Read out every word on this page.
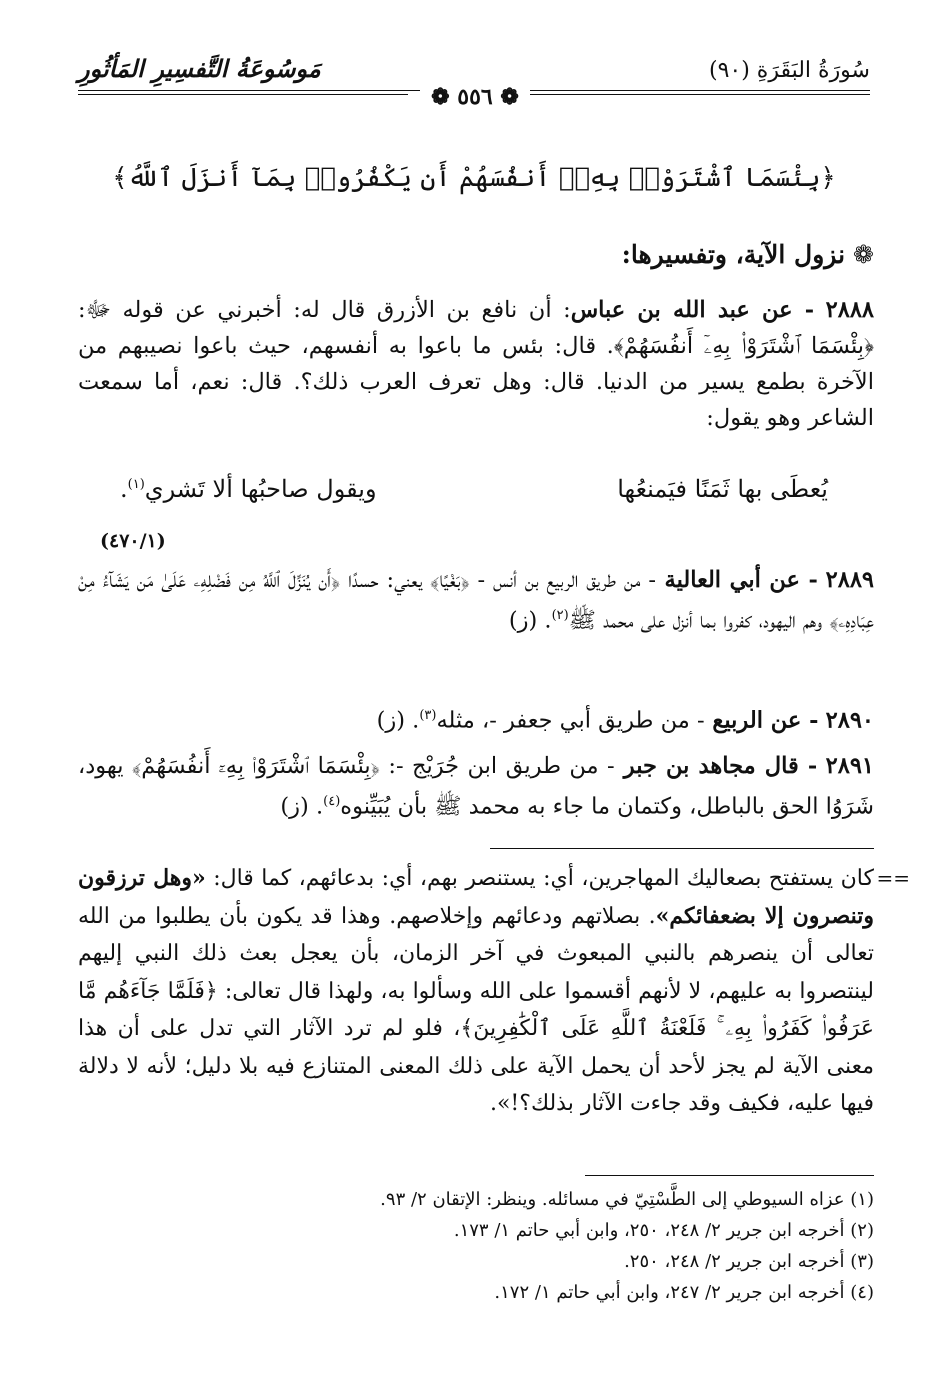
سُورَةُ البَقَرَةِ (٩٠)
مَوسُوعَةُ التَّفسِيرِ المَأثُورِ
❁ ٥٥٦ ❁
﴿بِئْسَمَا ٱشْتَرَوْا۟ بِهِۦٓ أَنفُسَهُمْ أَن يَكْفُرُوا۟ بِمَآ أَنزَلَ ٱللَّهُ﴾
❁نزول الآية، وتفسيرها:
٢٨٨٨ - عن عبد الله بن عباس: أن نافع بن الأزرق قال له: أخبرني عن قوله ﷻ: ﴿بِئْسَمَا ٱشْتَرَوْا۟ بِهِۦٓ أَنفُسَهُمْ﴾. قال: بئس ما باعوا به أنفسهم، حيث باعوا نصيبهم من الآخرة بطمع يسير من الدنيا. قال: وهل تعرف العرب ذلك؟. قال: نعم، أما سمعت الشاعر وهو يقول:
يُعطَى بها ثَمَنًا فيَمنعُها
ويقول صاحبُها ألا تَشري$^{(١)}$.
(٤٧٠/١)
٢٨٨٩ - عن أبي العالية - من طريق الربيع بن أنس - ﴿بَغْيًا﴾ يعني: حسدًا ﴿أَن يُنَزِّلَ ٱللَّهُ مِن فَضْلِهِۦ عَلَىٰ مَن يَشَآءُ مِنْ عِبَادِهِۦ﴾ وهم اليهود، كفروا بما أنزل على محمد ﷺ$^{(٢)}$. (ز)
٢٨٩٠ - عن الربيع - من طريق أبي جعفر -، مثله$^{(٣)}$. (ز)
٢٨٩١ - قال مجاهد بن جبر - من طريق ابن جُرَيْج -: ﴿بِئْسَمَا ٱشْتَرَوْا۟ بِهِۦٓ أَنفُسَهُمْ﴾ يهود، شَرَوُا الحق بالباطل، وكتمان ما جاء به محمد ﷺ بأن يُبَيِّنوه$^{(٤)}$. (ز)
==
كان يستفتح بصعاليك المهاجرين، أي: يستنصر بهم، أي: بدعائهم، كما قال: «وهل ترزقون وتنصرون إلا بضعفائكم». بصلاتهم ودعائهم وإخلاصهم. وهذا قد يكون بأن يطلبوا من الله تعالى أن ينصرهم بالنبي المبعوث في آخر الزمان، بأن يعجل بعث ذلك النبي إليهم لينتصروا به عليهم، لا لأنهم أقسموا على الله وسألوا به، ولهذا قال تعالى: ﴿فَلَمَّا جَآءَهُم مَّا عَرَفُوا۟ كَفَرُوا۟ بِهِۦ ۚ فَلَعْنَةُ ٱللَّهِ عَلَى ٱلْكَٰفِرِينَ﴾، فلو لم ترد الآثار التي تدل على أن هذا معنى الآية لم يجز لأحد أن يحمل الآية على ذلك المعنى المتنازع فيه بلا دليل؛ لأنه لا دلالة فيها عليه، فكيف وقد جاءت الآثار بذلك؟!».
(١) عزاه السيوطي إلى الطَّسْتِيّ في مسائله. وينظر: الإتقان ٢/ ٩٣.
(٢) أخرجه ابن جرير ٢/ ٢٤٨، ٢٥٠، وابن أبي حاتم ١/ ١٧٣.
(٣) أخرجه ابن جرير ٢/ ٢٤٨، ٢٥٠.
(٤) أخرجه ابن جرير ٢/ ٢٤٧، وابن أبي حاتم ١/ ١٧٢.
